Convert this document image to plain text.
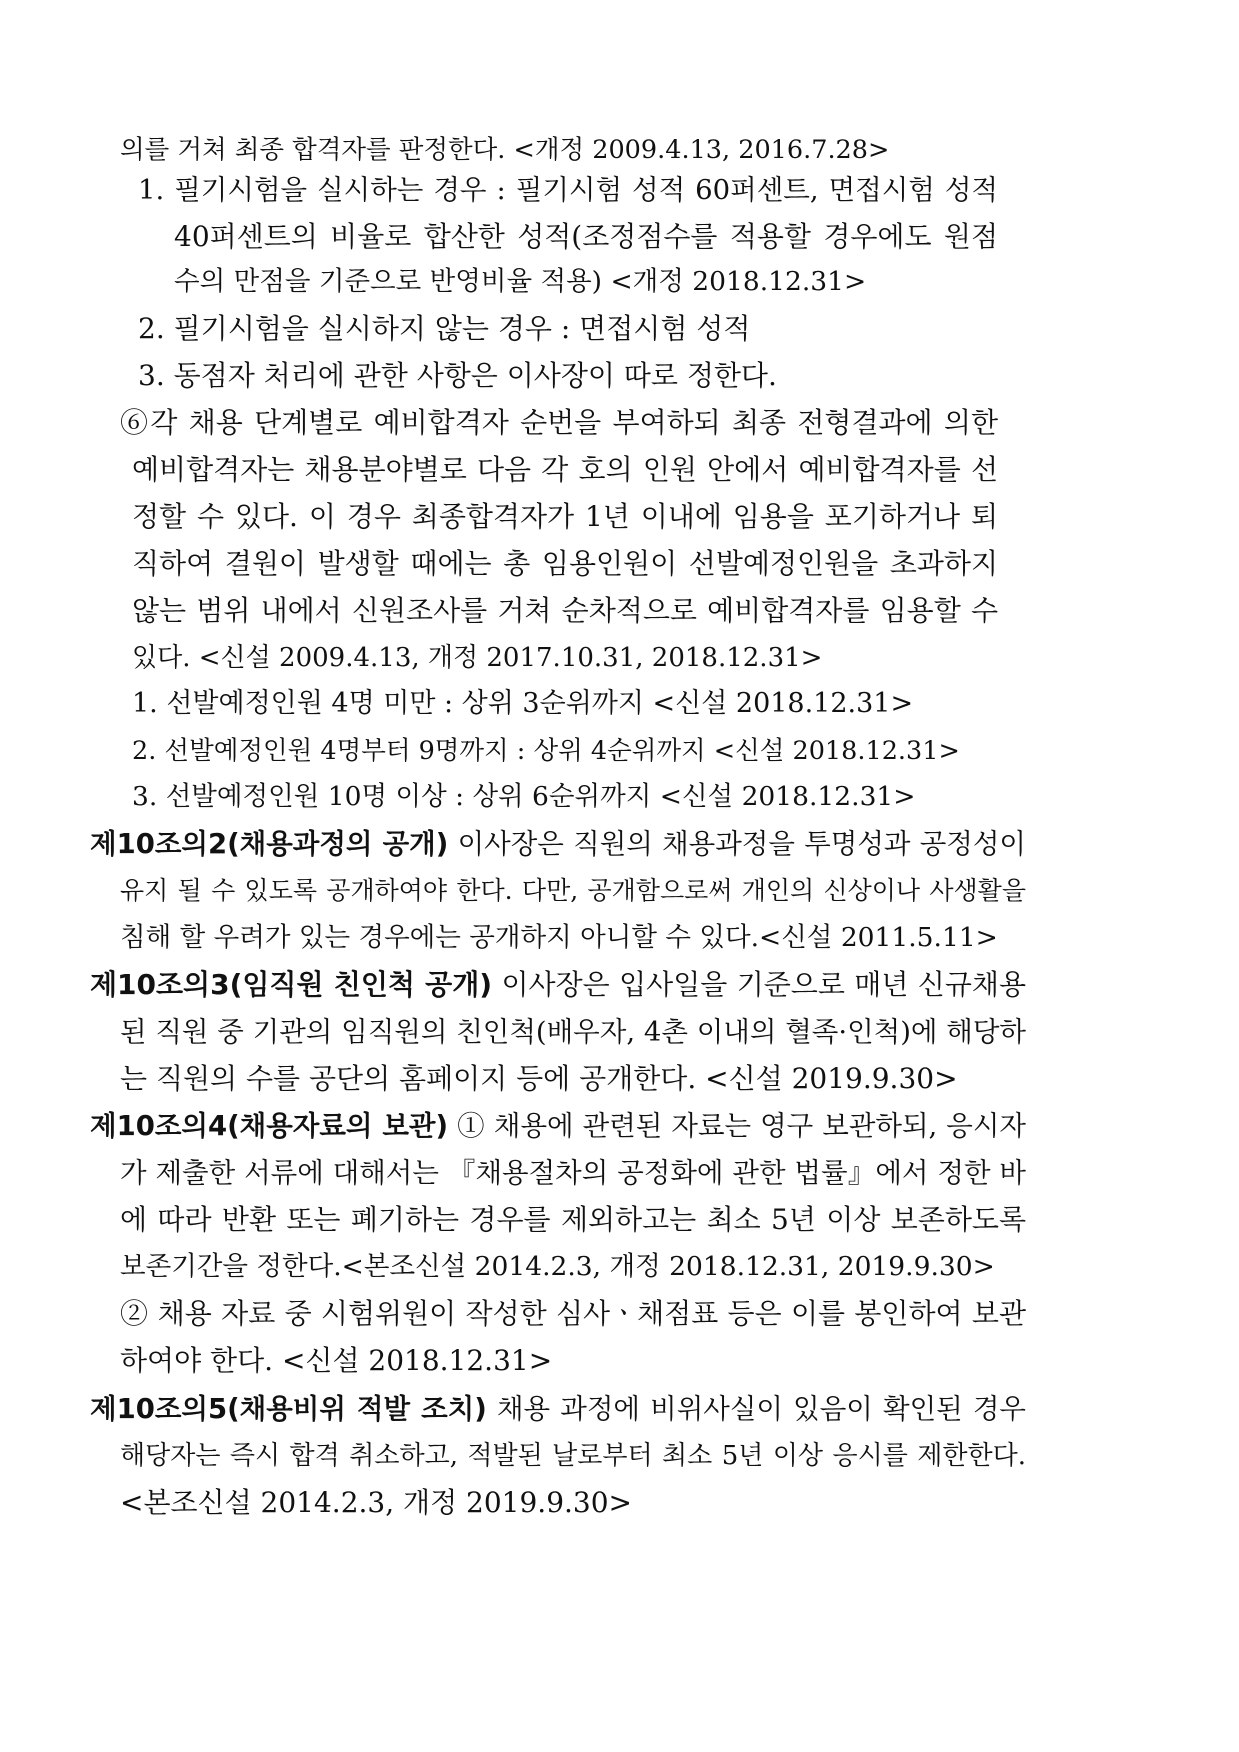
의를 거쳐 최종 합격자를 판정한다. <개정 2009.4.13, 2016.7.28>
1. 필기시험을 실시하는 경우 : 필기시험 성적 60퍼센트, 면접시험 성적
40퍼센트의 비율로 합산한 성적(조정점수를 적용할 경우에도 원점
수의 만점을 기준으로 반영비율 적용) <개정 2018.12.31>
2. 필기시험을 실시하지 않는 경우 : 면접시험 성적
3. 동점자 처리에 관한 사항은 이사장이 따로 정한다.
⑥각 채용 단계별로 예비합격자 순번을 부여하되 최종 전형결과에 의한
예비합격자는 채용분야별로 다음 각 호의 인원 안에서 예비합격자를 선
정할 수 있다. 이 경우 최종합격자가 1년 이내에 임용을 포기하거나 퇴
직하여 결원이 발생할 때에는 총 임용인원이 선발예정인원을 초과하지
않는 범위 내에서 신원조사를 거쳐 순차적으로 예비합격자를 임용할 수
있다. <신설 2009.4.13, 개정 2017.10.31, 2018.12.31>
1. 선발예정인원 4명 미만 : 상위 3순위까지 <신설 2018.12.31>
2. 선발예정인원 4명부터 9명까지 : 상위 4순위까지 <신설 2018.12.31>
3. 선발예정인원 10명 이상 : 상위 6순위까지 <신설 2018.12.31>
제10조의2(채용과정의 공개) 이사장은 직원의 채용과정을 투명성과 공정성이
유지 될 수 있도록 공개하여야 한다. 다만, 공개함으로써 개인의 신상이나 사생활을
침해 할 우려가 있는 경우에는 공개하지 아니할 수 있다.<신설 2011.5.11>
제10조의3(임직원 친인척 공개) 이사장은 입사일을 기준으로 매년 신규채용
된 직원 중 기관의 임직원의 친인척(배우자, 4촌 이내의 혈족·인척)에 해당하
는 직원의 수를 공단의 홈페이지 등에 공개한다. <신설 2019.9.30>
제10조의4(채용자료의 보관) ① 채용에 관련된 자료는 영구 보관하되, 응시자
가 제출한 서류에 대해서는 『채용절차의 공정화에 관한 법률』에서 정한 바
에 따라 반환 또는 폐기하는 경우를 제외하고는 최소 5년 이상 보존하도록
보존기간을 정한다.<본조신설 2014.2.3, 개정 2018.12.31, 2019.9.30>
② 채용 자료 중 시험위원이 작성한 심사ㆍ채점표 등은 이를 봉인하여 보관
하여야 한다. <신설 2018.12.31>
제10조의5(채용비위 적발 조치) 채용 과정에 비위사실이 있음이 확인된 경우
해당자는 즉시 합격 취소하고, 적발된 날로부터 최소 5년 이상 응시를 제한한다.
<본조신설 2014.2.3, 개정 2019.9.30>
